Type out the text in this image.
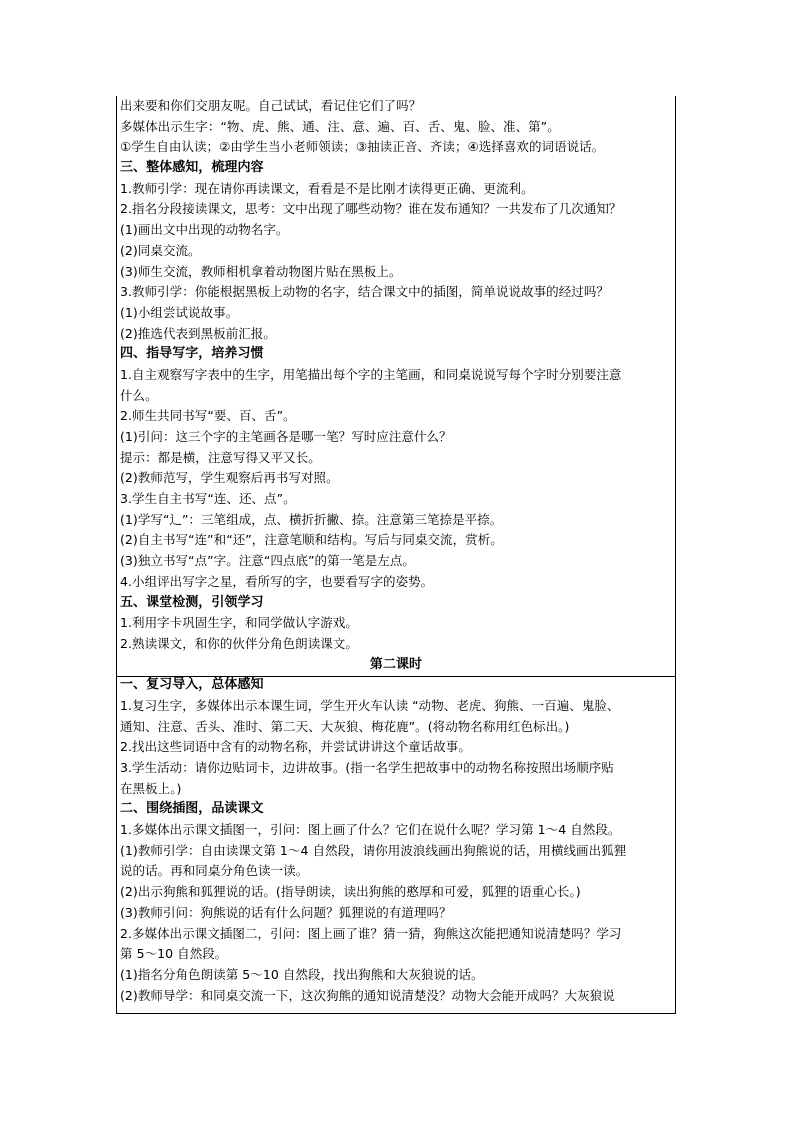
出来要和你们交朋友呢。自己试试，看记住它们了吗？
多媒体出示生字：“物、虎、熊、通、注、意、遍、百、舌、鬼、脸、准、第”。
①学生自由认读；②由学生当小老师领读；③抽读正音、齐读；④选择喜欢的词语说话。
三、整体感知，梳理内容
1.教师引学：现在请你再读课文，看看是不是比刚才读得更正确、更流利。
2.指名分段接读课文，思考：文中出现了哪些动物？谁在发布通知？一共发布了几次通知？
(1)画出文中出现的动物名字。
(2)同桌交流。
(3)师生交流，教师相机拿着动物图片贴在黑板上。
3.教师引学：你能根据黑板上动物的名字，结合课文中的插图，简单说说故事的经过吗？
(1)小组尝试说故事。
(2)推选代表到黑板前汇报。
四、指导写字，培养习惯
1.自主观察写字表中的生字，用笔描出每个字的主笔画，和同桌说说写每个字时分别要注意
什么。
2.师生共同书写“要、百、舌”。
(1)引问：这三个字的主笔画各是哪一笔？写时应注意什么？
提示：都是横，注意写得又平又长。
(2)教师范写，学生观察后再书写对照。
3.学生自主书写“连、还、点”。
(1)学写“辶”：三笔组成，点、横折折撇、捺。注意第三笔捺是平捺。
(2)自主书写“连”和“还”，注意笔顺和结构。写后与同桌交流，赏析。
(3)独立书写“点”字。注意“四点底”的第一笔是左点。
4.小组评出写字之星，看所写的字，也要看写字的姿势。
五、课堂检测，引领学习
1.利用字卡巩固生字，和同学做认字游戏。
2.熟读课文，和你的伙伴分角色朗读课文。
第二课时
一、复习导入，总体感知
1.复习生字，多媒体出示本课生词，学生开火车认读 “动物、老虎、狗熊、一百遍、鬼脸、
通知、注意、舌头、准时、第二天、大灰狼、梅花鹿”。(将动物名称用红色标出。)
2.找出这些词语中含有的动物名称，并尝试讲讲这个童话故事。
3.学生活动：请你边贴词卡，边讲故事。(指一名学生把故事中的动物名称按照出场顺序贴
在黑板上。)
二、围绕插图，品读课文
1.多媒体出示课文插图一，引问：图上画了什么？它们在说什么呢？学习第 1～4 自然段。
(1)教师引学：自由读课文第 1～4 自然段，请你用波浪线画出狗熊说的话，用横线画出狐狸
说的话。再和同桌分角色读一读。
(2)出示狗熊和狐狸说的话。(指导朗读，读出狗熊的憨厚和可爱，狐狸的语重心长。)
(3)教师引问：狗熊说的话有什么问题？狐狸说的有道理吗？
2.多媒体出示课文插图二，引问：图上画了谁？猜一猜，狗熊这次能把通知说清楚吗？学习
第 5～10 自然段。
(1)指名分角色朗读第 5～10 自然段，找出狗熊和大灰狼说的话。
(2)教师导学：和同桌交流一下，这次狗熊的通知说清楚没？动物大会能开成吗？大灰狼说
